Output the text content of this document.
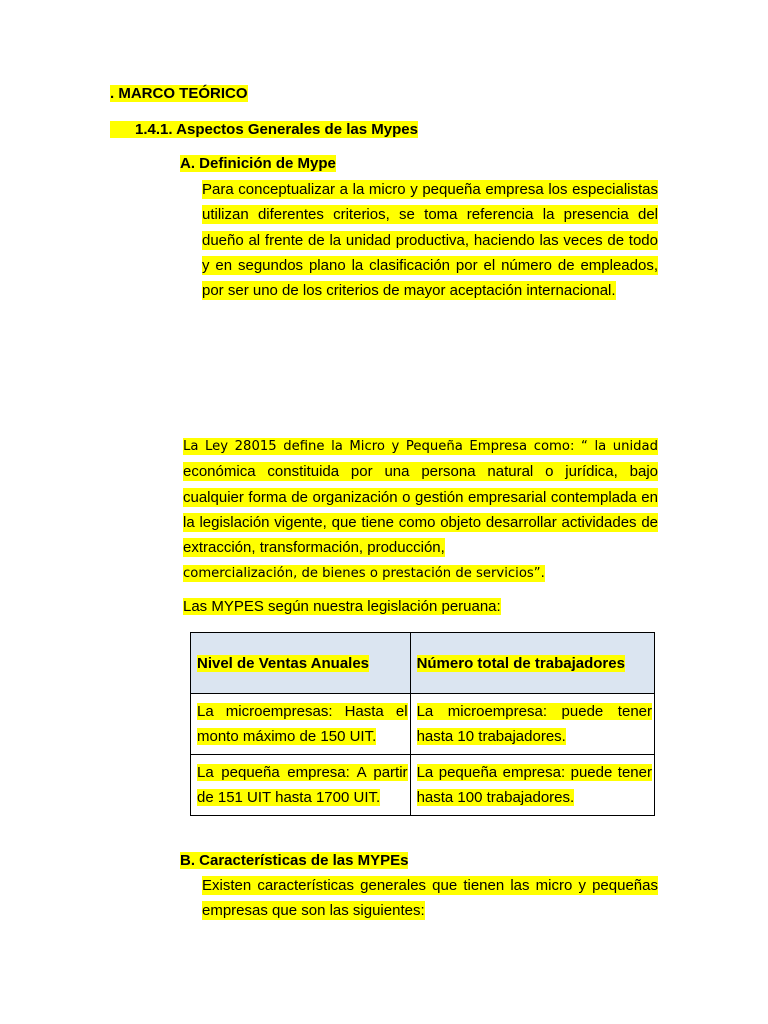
. MARCO TEÓRICO
1.4.1. Aspectos Generales de las Mypes
A. Definición de Mype
Para conceptualizar a la micro y pequeña empresa los especialistas utilizan diferentes criterios, se toma referencia la presencia del dueño al frente de la unidad productiva, haciendo las veces de todo y en segundos plano la clasificación por el número de empleados, por ser uno de los criterios de mayor aceptación internacional.
La Ley 28015 define la Micro y Pequeña Empresa como: “ la unidad económica constituida por una persona natural o jurídica, bajo cualquier forma de organización o gestión empresarial contemplada en la legislación vigente, que tiene como objeto desarrollar actividades de extracción, transformación, producción,
comercialización, de bienes o prestación de servicios”.
Las MYPES según nuestra legislación peruana:
Nivel de Ventas Anuales	Número total de trabajadores
La microempresas: Hasta el monto máximo de 150 UIT.	La microempresa: puede tener hasta 10 trabajadores.
La pequeña empresa: A partir de 151 UIT hasta 1700 UIT.	La pequeña empresa: puede tener hasta 100 trabajadores.
B. Características de las MYPEs
Existen características generales que tienen las micro y pequeñas empresas que son las siguientes:
